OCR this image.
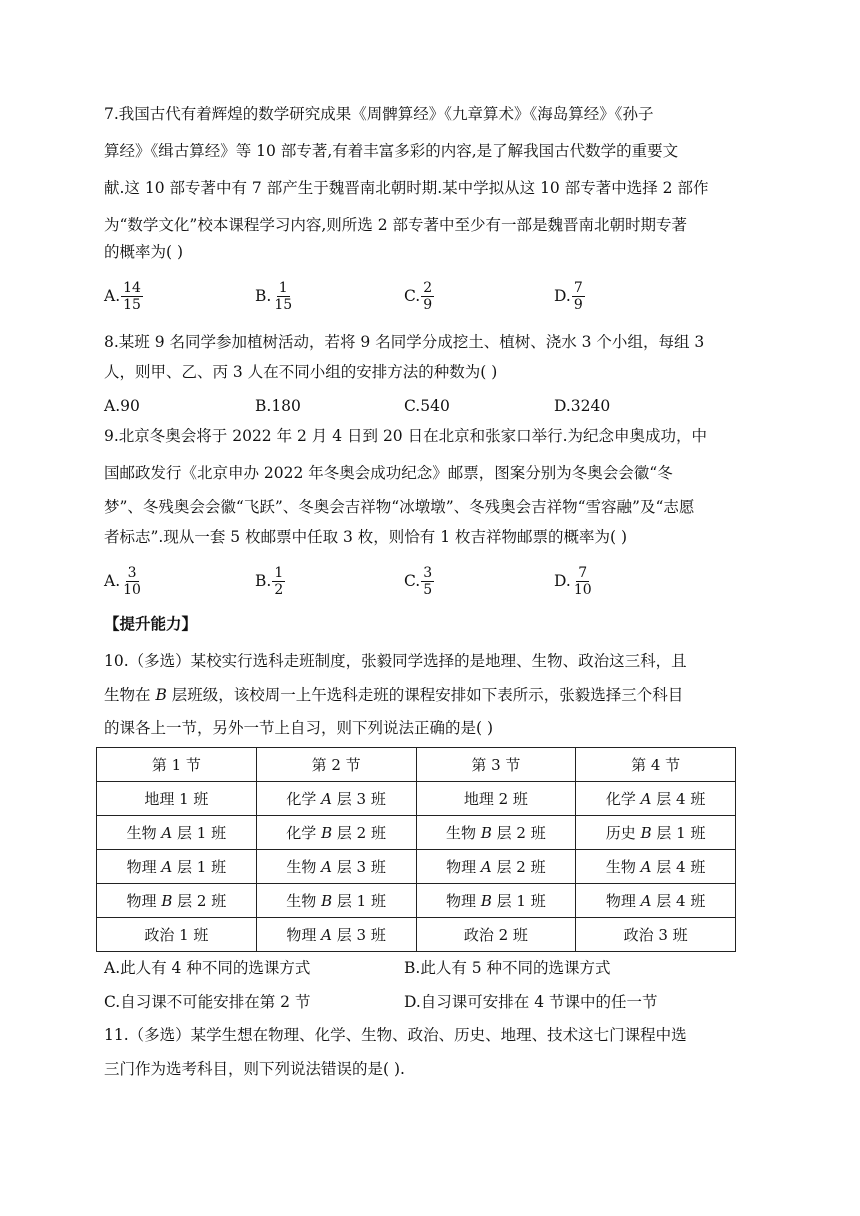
7.我国古代有着辉煌的数学研究成果《周髀算经》《九章算术》《海岛算经》《孙子
算经》《缉古算经》等 10 部专著,有着丰富多彩的内容,是了解我国古代数学的重要文
献.这 10 部专著中有 7 部产生于魏晋南北朝时期.某中学拟从这 10 部专著中选择 2 部作
为“数学文化”校本课程学习内容,则所选 2 部专著中至少有一部是魏晋南北朝时期专著
的概率为( )
A. $\frac{14}{15}$	B. $\frac{1}{15}$	C. $\frac{2}{9}$	D. $\frac{7}{9}$
8.某班 9 名同学参加植树活动，若将 9 名同学分成挖土、植树、浇水 3 个小组，每组 3
人，则甲、乙、丙 3 人在不同小组的安排方法的种数为( )
A.90	B.180	C.540	D.3240
9.北京冬奥会将于 2022 年 2 月 4 日到 20 日在北京和张家口举行.为纪念申奥成功，中
国邮政发行《北京申办 2022 年冬奥会成功纪念》邮票，图案分别为冬奥会会徽“冬
梦”、冬残奥会会徽“飞跃”、冬奥会吉祥物“冰墩墩”、冬残奥会吉祥物“雪容融”及“志愿
者标志”.现从一套 5 枚邮票中任取 3 枚，则恰有 1 枚吉祥物邮票的概率为( )
A. $\frac{3}{10}$	B. $\frac{1}{2}$	C. $\frac{3}{5}$	D. $\frac{7}{10}$
【提升能力】
10.（多选）某校实行选科走班制度，张毅同学选择的是地理、生物、政治这三科，且
生物在 B 层班级，该校周一上午选科走班的课程安排如下表所示，张毅选择三个科目
的课各上一节，另外一节上自习，则下列说法正确的是( )
第 1 节	第 2 节	第 3 节	第 4 节
地理 1 班	化学 A 层 3 班	地理 2 班	化学 A 层 4 班
生物 A 层 1 班	化学 B 层 2 班	生物 B 层 2 班	历史 B 层 1 班
物理 A 层 1 班	生物 A 层 3 班	物理 A 层 2 班	生物 A 层 4 班
物理 B 层 2 班	生物 B 层 1 班	物理 B 层 1 班	物理 A 层 4 班
政治 1 班	物理 A 层 3 班	政治 2 班	政治 3 班
A.此人有 4 种不同的选课方式	B.此人有 5 种不同的选课方式
C.自习课不可能安排在第 2 节	D.自习课可安排在 4 节课中的任一节
11.（多选）某学生想在物理、化学、生物、政治、历史、地理、技术这七门课程中选
三门作为选考科目，则下列说法错误的是( ).
